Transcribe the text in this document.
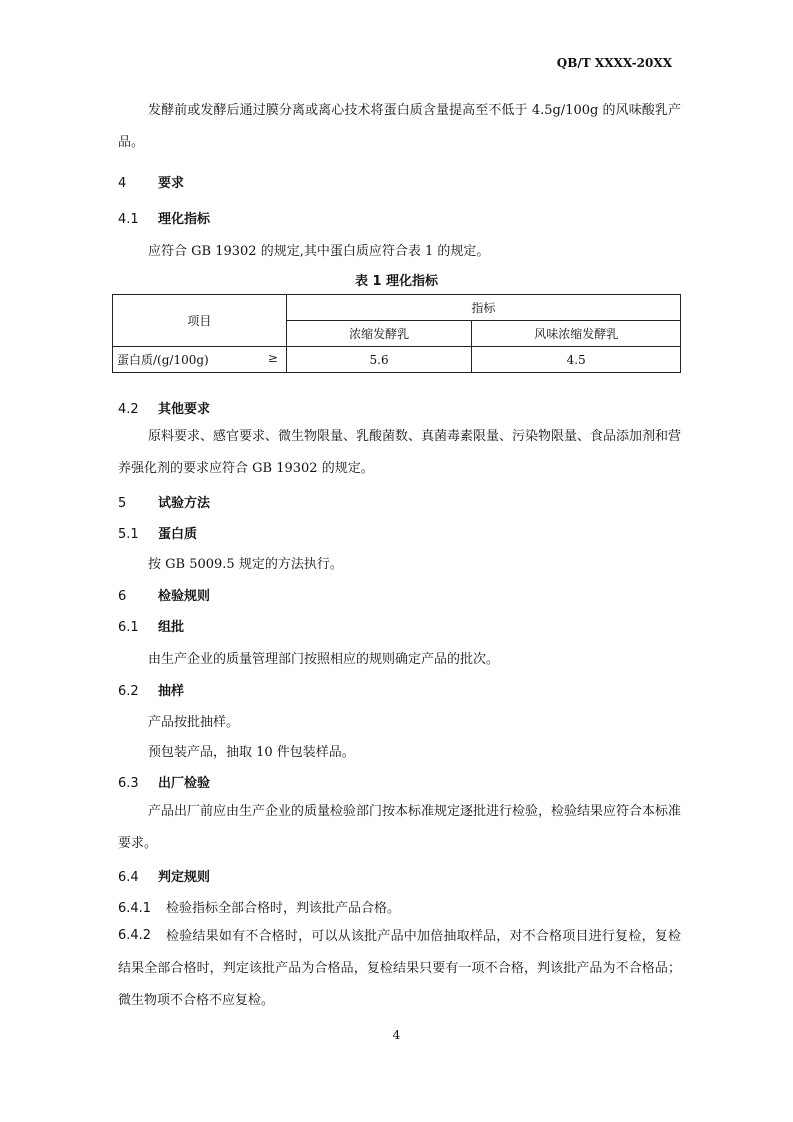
QB/T XXXX-20XX
发酵前或发酵后通过膜分离或离心技术将蛋白质含量提高至不低于 4.5g/100g 的风味酸乳产品。
4 要求
4.1 理化指标
应符合 GB 19302 的规定,其中蛋白质应符合表 1 的规定。
表 1 理化指标
项目	指标	
	浓缩发酵乳	风味浓缩发酵乳
蛋白质/(g/100g) ≥	5.6	4.5
4.2 其他要求
原料要求、感官要求、微生物限量、乳酸菌数、真菌毒素限量、污染物限量、食品添加剂和营养强化剂的要求应符合 GB 19302 的规定。
5 试验方法
5.1 蛋白质
按 GB 5009.5 规定的方法执行。
6 检验规则
6.1 组批
由生产企业的质量管理部门按照相应的规则确定产品的批次。
6.2 抽样
产品按批抽样。
预包装产品，抽取 10 件包装样品。
6.3 出厂检验
产品出厂前应由生产企业的质量检验部门按本标准规定逐批进行检验，检验结果应符合本标准要求。
6.4 判定规则
6.4.1 检验指标全部合格时，判该批产品合格。
6.4.2	检验结果如有不合格时，可以从该批产品中加倍抽取样品，对不合格项目进行复检，复检结果全部合格时，判定该批产品为合格品，复检结果只要有一项不合格，判该批产品为不合格品；微生物项不合格不应复检。
4
